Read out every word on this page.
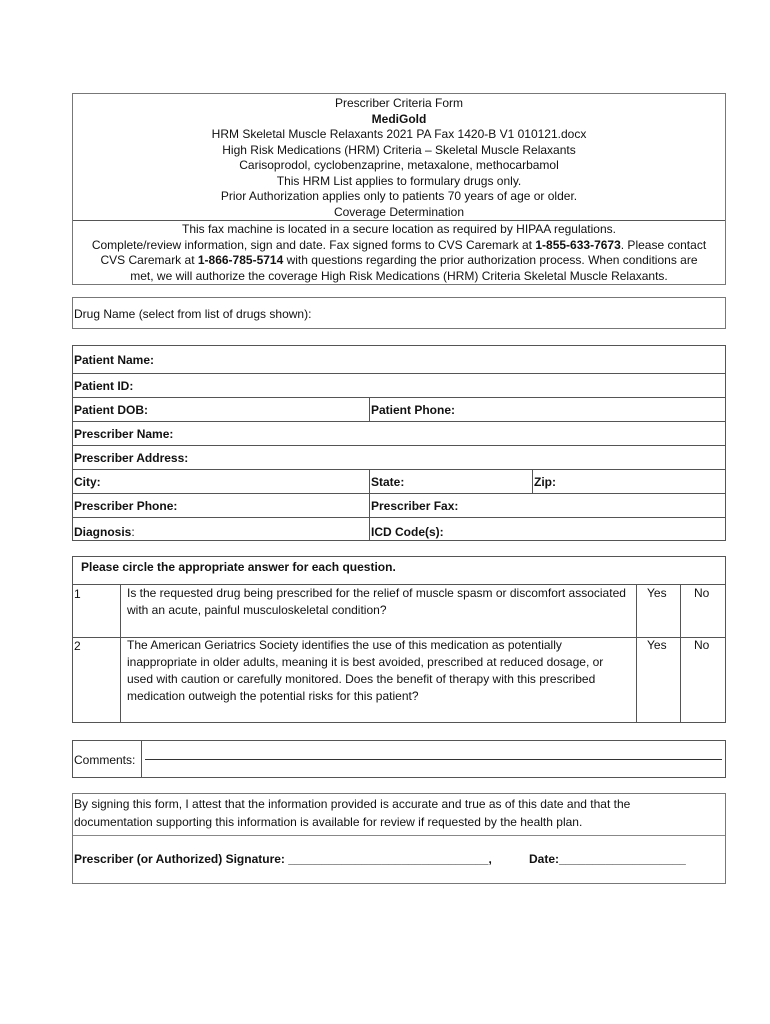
Prescriber Criteria Form
MediGold
HRM Skeletal Muscle Relaxants 2021 PA Fax 1420-B V1 010121.docx
High Risk Medications (HRM) Criteria – Skeletal Muscle Relaxants
Carisoprodol, cyclobenzaprine, metaxalone, methocarbamol
This HRM List applies to formulary drugs only.
Prior Authorization applies only to patients 70 years of age or older.
Coverage Determination
This fax machine is located in a secure location as required by HIPAA regulations.
Complete/review information, sign and date. Fax signed forms to CVS Caremark at 1-855-633-7673. Please contact
CVS Caremark at 1-866-785-5714 with questions regarding the prior authorization process. When conditions are
met, we will authorize the coverage High Risk Medications (HRM) Criteria Skeletal Muscle Relaxants.
Drug Name (select from list of drugs shown):
Patient Name:
Patient ID:
Patient DOB:	Patient Phone:
Prescriber Name:
Prescriber Address:
City:	State:	Zip:
Prescriber Phone:	Prescriber Fax:
Diagnosis:	ICD Code(s):
Please circle the appropriate answer for each question.
1	Is the requested drug being prescribed for the relief of muscle spasm or discomfort associated with an acute, painful musculoskeletal condition?
Yes No
2	The American Geriatrics Society identifies the use of this medication as potentially inappropriate in older adults, meaning it is best avoided, prescribed at reduced dosage, or used with caution or carefully monitored. Does the benefit of therapy with this prescribed medication outweigh the potential risks for this patient?
Yes No
Comments:
By signing this form, I attest that the information provided is accurate and true as of this date and that the documentation supporting this information is available for review if requested by the health plan.
Prescriber (or Authorized) Signature: ______________________________,	Date:___________________
